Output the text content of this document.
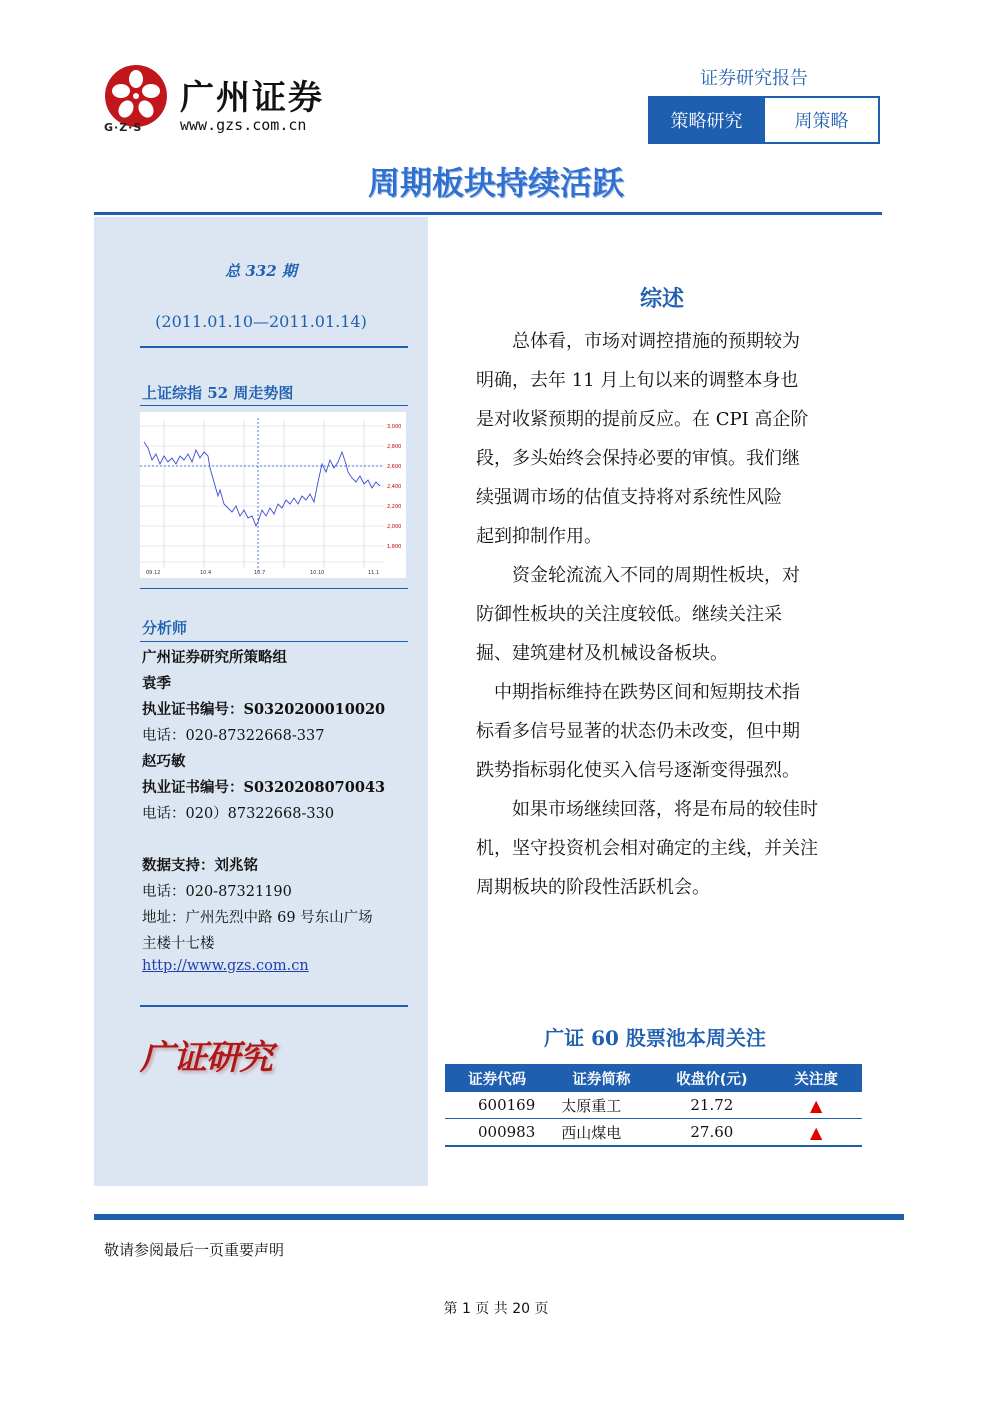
广州证券
G·Z·S	www.gzs.com.cn
证券研究报告
策略研究	周策略
周期板块持续活跃
总 332 期
(2011.01.10—2011.01.14)
上证综指 52 周走势图
3,000
2,800
2,600
2,400
2,200
2,000
1,800
09.12	10.4	10.7	10.10	11.1
分析师
广州证券研究所策略组
袁季
执业证书编号：S0320200010020
电话：020-87322668-337
赵巧敏
执业证书编号：S0320208070043
电话：020）87322668-330
数据支持：刘兆铭
电话：020-87321190
地址：广州先烈中路 69 号东山广场
主楼十七楼
http://www.gzs.com.cn
广证研究
综述
　　总体看，市场对调控措施的预期较为
明确，去年 11 月上旬以来的调整本身也
是对收紧预期的提前反应。在 CPI 高企阶
段，多头始终会保持必要的审慎。我们继
续强调市场的估值支持将对系统性风险
起到抑制作用。
　　资金轮流流入不同的周期性板块，对
防御性板块的关注度较低。继续关注采
掘、建筑建材及机械设备板块。
　中期指标维持在跌势区间和短期技术指
标看多信号显著的状态仍未改变，但中期
跌势指标弱化使买入信号逐渐变得强烈。
　　如果市场继续回落，将是布局的较佳时
机，坚守投资机会相对确定的主线，并关注
周期板块的阶段性活跃机会。
广证 60 股票池本周关注
证券代码	证券简称	收盘价(元)	关注度
600169	太原重工	21.72	▲
000983	西山煤电	27.60	▲
敬请参阅最后一页重要声明
第 1 页 共 20 页
